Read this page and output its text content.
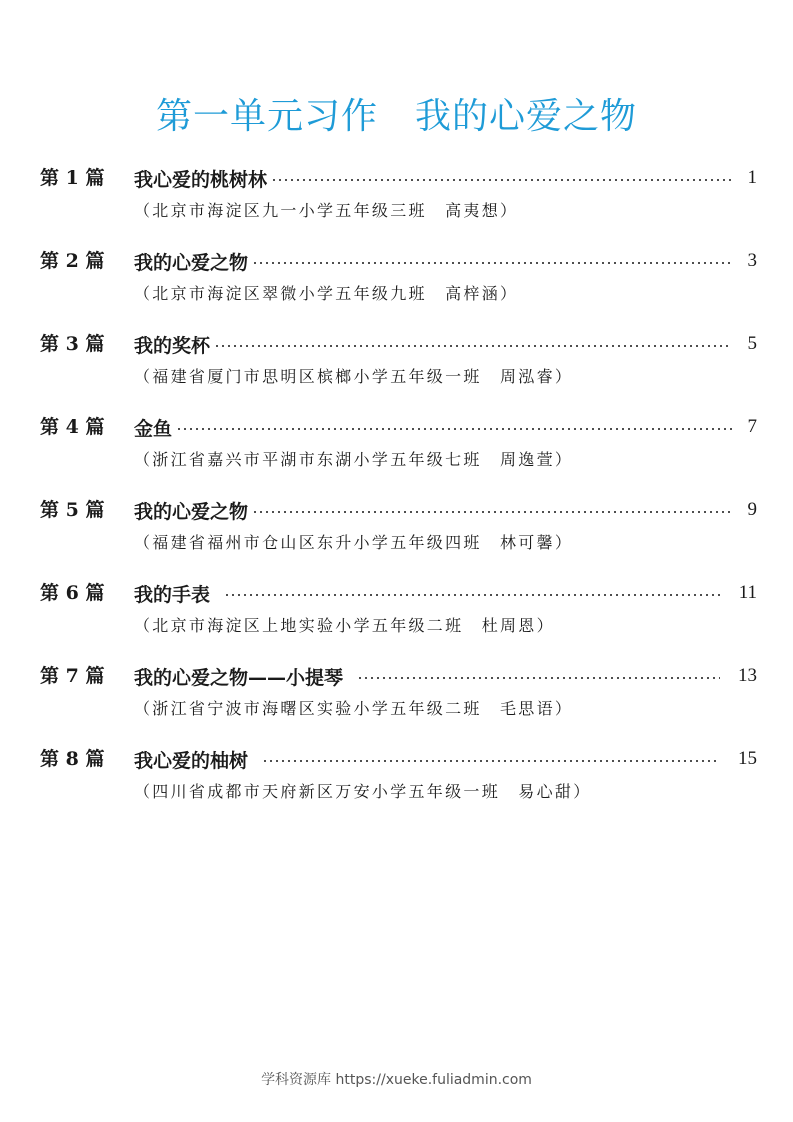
第一单元习作　我的心爱之物
第 1 篇 我心爱的桃树林	1
（北京市海淀区九一小学五年级三班　高夷想）
第 2 篇 我的心爱之物	3
（北京市海淀区翠微小学五年级九班　高梓涵）
第 3 篇 我的奖杯	5
（福建省厦门市思明区槟榔小学五年级一班　周泓睿）
第 4 篇 金鱼	7
（浙江省嘉兴市平湖市东湖小学五年级七班　周逸萱）
第 5 篇 我的心爱之物	9
（福建省福州市仓山区东升小学五年级四班　林可馨）
第 6 篇 我的手表	11
（北京市海淀区上地实验小学五年级二班　杜周恩）
第 7 篇 我的心爱之物——小提琴	13
（浙江省宁波市海曙区实验小学五年级二班　毛思语）
第 8 篇 我心爱的柚树	15
（四川省成都市天府新区万安小学五年级一班　易心甜）
学科资源库 https://xueke.fuliadmin.com
